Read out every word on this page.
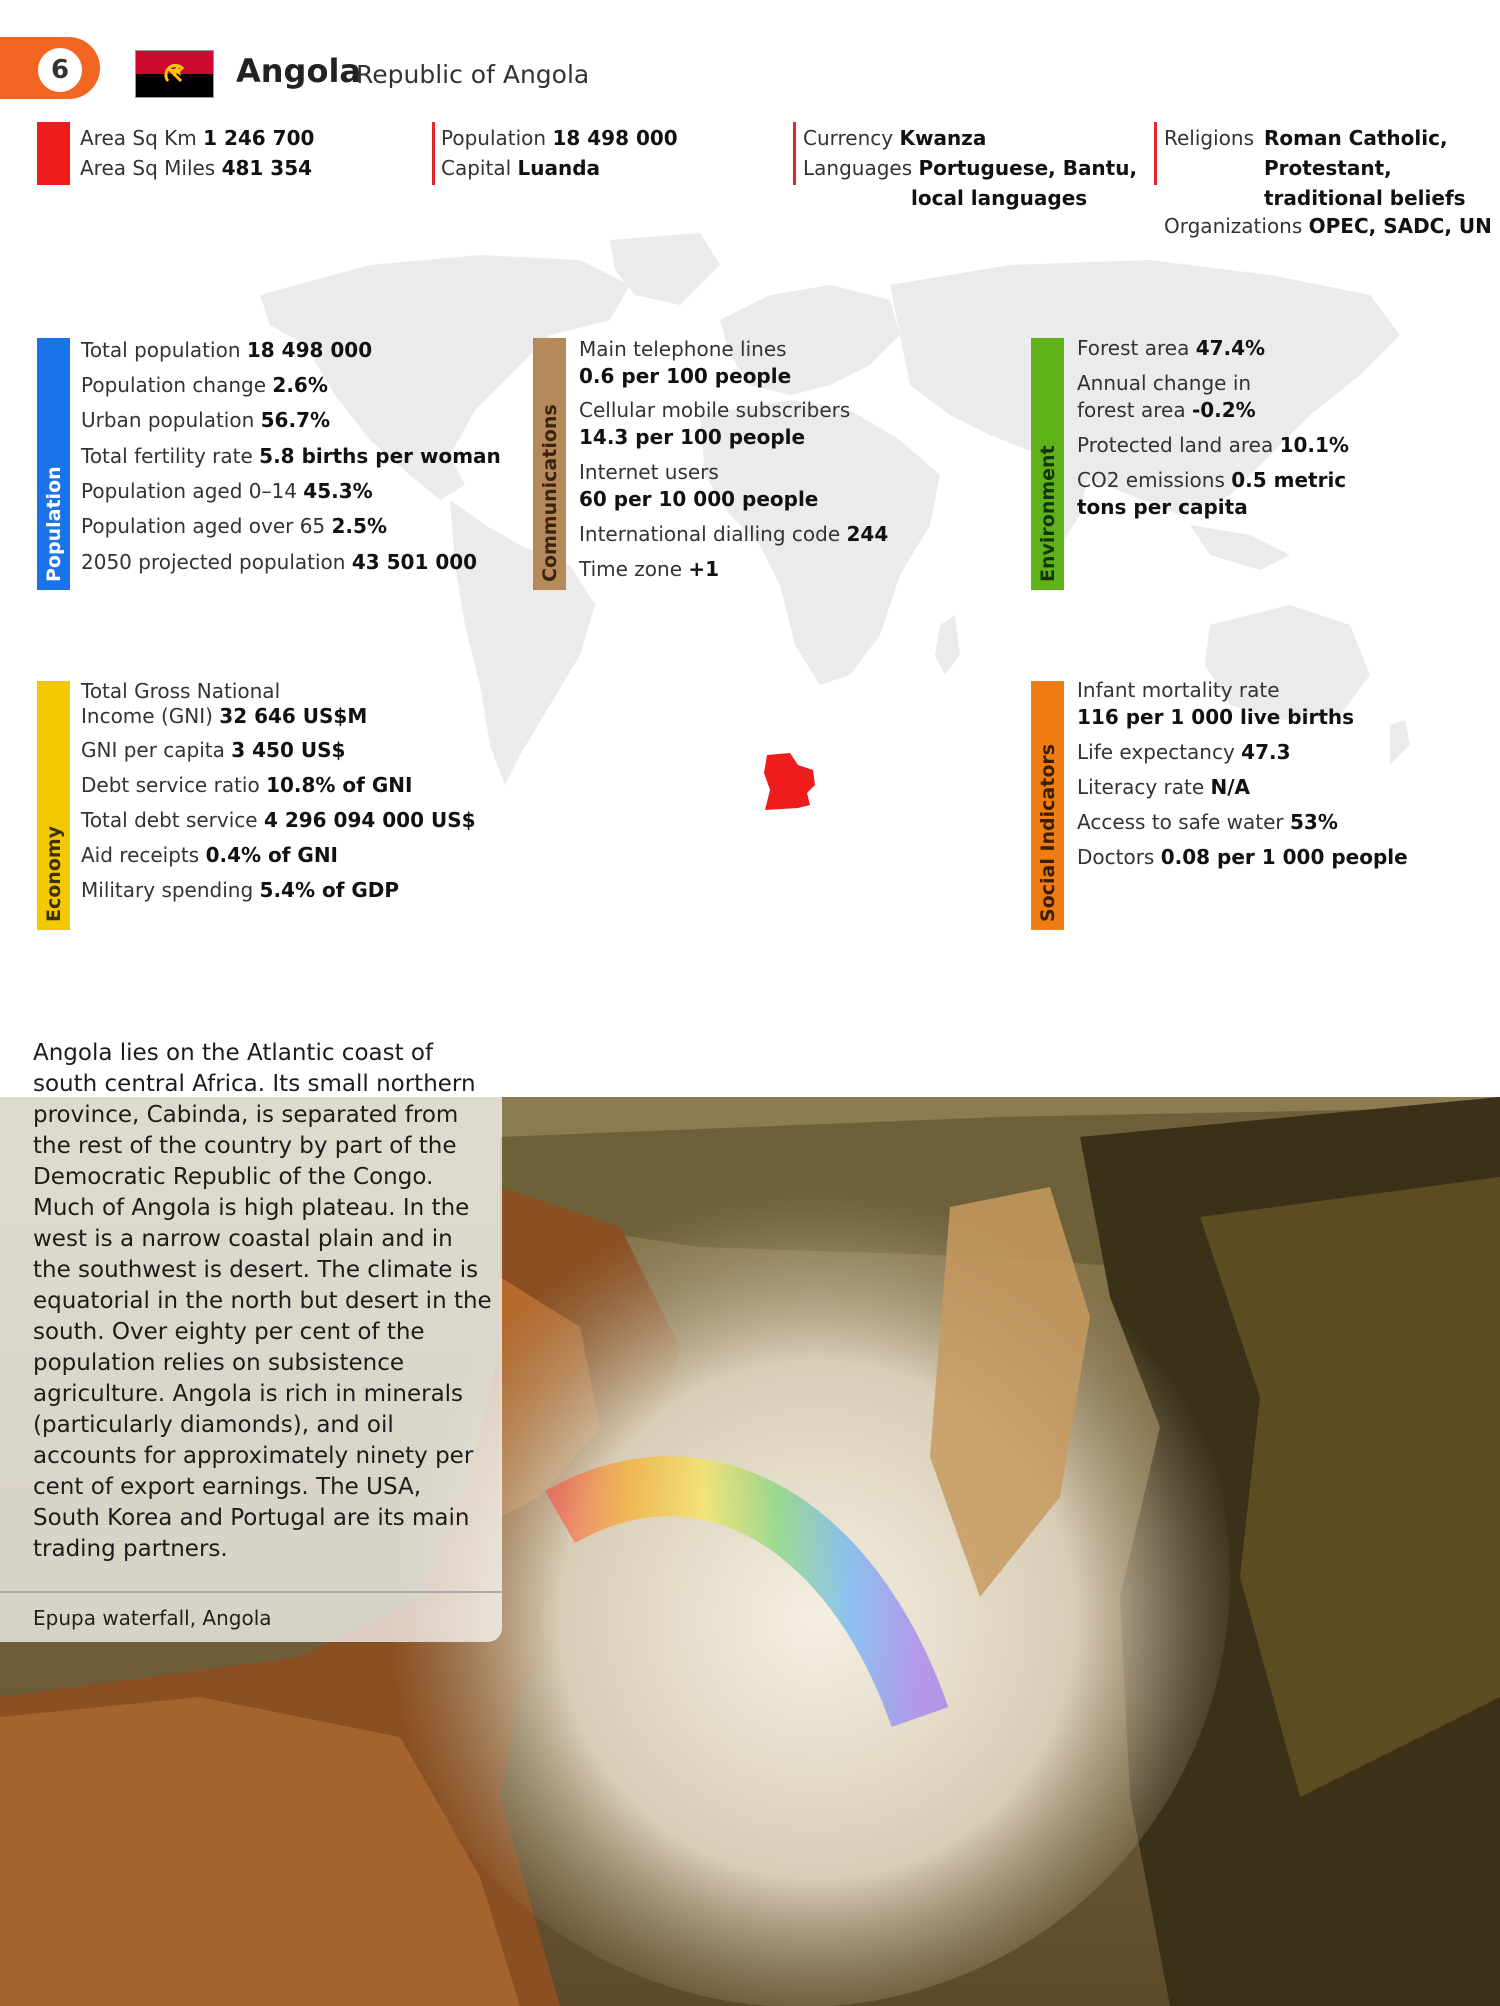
6	Angola
Republic of Angola
Area Sq Km 1 246 700
Area Sq Miles 481 354
Population 18 498 000
Capital Luanda
Currency Kwanza
Languages Portuguese, Bantu,
local languages
Religions Roman Catholic,
Protestant,
traditional beliefs
Organizations OPEC, SADC, UN
Population
Total population 18 498 000
Population change 2.6%
Urban population 56.7%
Total fertility rate 5.8 births per woman
Population aged 0–14 45.3%
Population aged over 65 2.5%
2050 projected population 43 501 000	Communications
Main telephone lines
0.6 per 100 people
Cellular mobile subscribers
14.3 per 100 people
Internet users
60 per 10 000 people
International dialling code 244
Time zone +1	Environment
Forest area 47.4%
Annual change in
forest area -0.2%
Protected land area 10.1%
CO2 emissions 0.5 metric
tons per capita
Economy
Total Gross National
Income (GNI) 32 646 US$M
GNI per capita 3 450 US$
Debt service ratio 10.8% of GNI
Total debt service 4 296 094 000 US$
Aid receipts 0.4% of GNI
Military spending 5.4% of GDP	Social Indicators
Infant mortality rate
116 per 1 000 live births
Life expectancy 47.3
Literacy rate N/A
Access to safe water 53%
Doctors 0.08 per 1 000 people
Angola lies on the Atlantic coast of south central Africa. Its small northern province, Cabinda, is separated from the rest of the country by part of the Democratic Republic of the Congo. Much of Angola is high plateau. In the west is a narrow coastal plain and in the southwest is desert. The climate is equatorial in the north but desert in the south. Over eighty per cent of the population relies on subsistence agriculture. Angola is rich in minerals (particularly diamonds), and oil accounts for approximately ninety per cent of export earnings. The USA, South Korea and Portugal are its main trading partners.
Epupa waterfall, Angola
